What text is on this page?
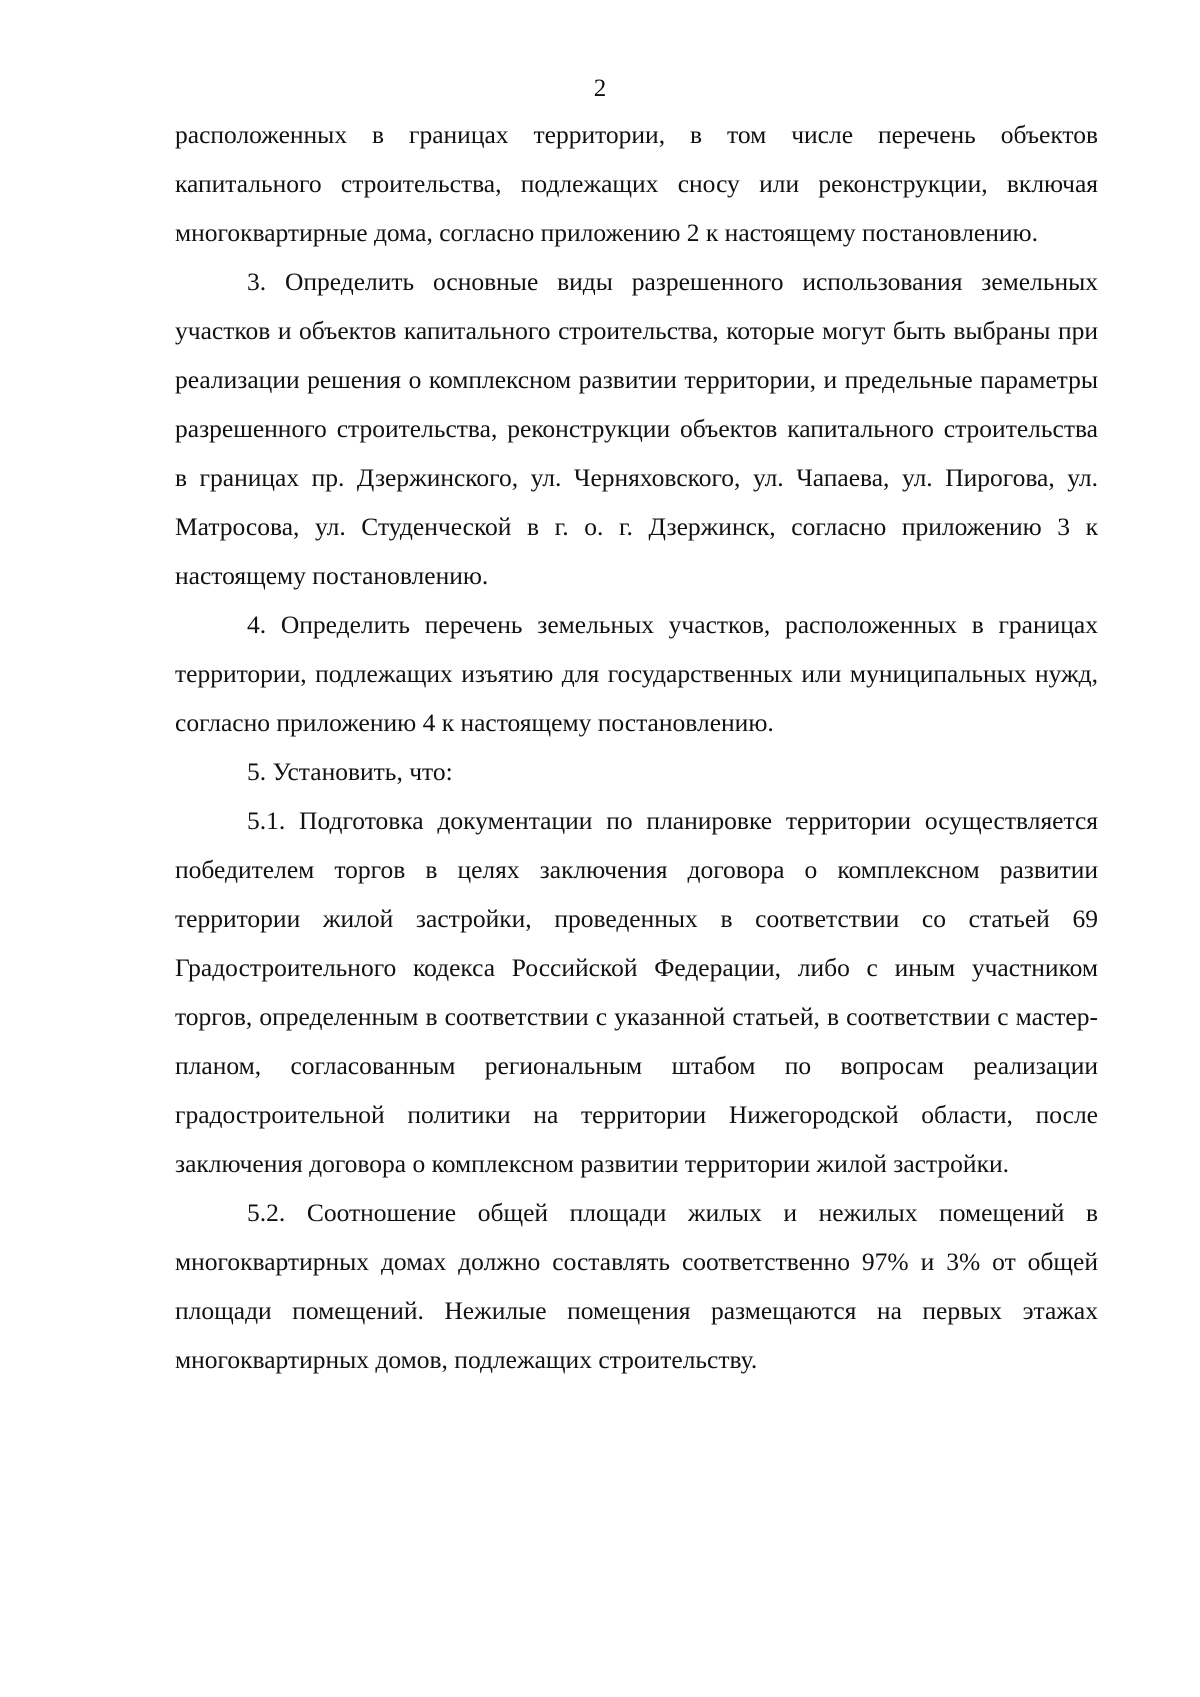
2

расположенных в границах территории, в том числе перечень объектов капитального строительства, подлежащих сносу или реконструкции, включая многоквартирные дома, согласно приложению 2 к настоящему постановлению.

3. Определить основные виды разрешенного использования земельных участков и объектов капитального строительства, которые могут быть выбраны при реализации решения о комплексном развитии территории, и предельные параметры разрешенного строительства, реконструкции объектов капитального строительства в границах пр. Дзержинского, ул. Черняховского, ул. Чапаева, ул. Пирогова, ул. Матросова, ул. Студенческой в г. о. г. Дзержинск, согласно приложению 3 к настоящему постановлению.

4. Определить перечень земельных участков, расположенных в границах территории, подлежащих изъятию для государственных или муниципальных нужд, согласно приложению 4 к настоящему постановлению.

5. Установить, что:

5.1. Подготовка документации по планировке территории осуществляется победителем торгов в целях заключения договора о комплексном развитии территории жилой застройки, проведенных в соответствии со статьей 69 Градостроительного кодекса Российской Федерации, либо с иным участником торгов, определенным в соответствии с указанной статьей, в соответствии с мастер-планом, согласованным региональным штабом по вопросам реализации градостроительной политики на территории Нижегородской области, после заключения договора о комплексном развитии территории жилой застройки.

5.2. Соотношение общей площади жилых и нежилых помещений в многоквартирных домах должно составлять соответственно 97% и 3% от общей площади помещений. Нежилые помещения размещаются на первых этажах многоквартирных домов, подлежащих строительству.
